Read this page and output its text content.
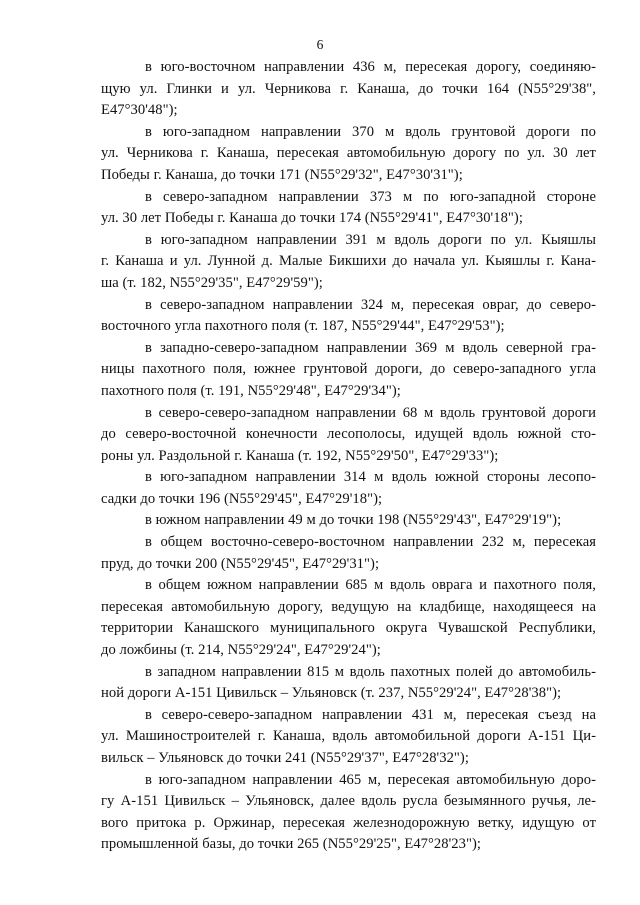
6
в юго-восточном направлении 436 м, пересекая дорогу, соединяю-
щую ул. Глинки и ул. Черникова г. Канаша, до точки 164 (N55°29'38",
E47°30'48");
в юго-западном направлении 370 м вдоль грунтовой дороги по
ул. Черникова г. Канаша, пересекая автомобильную дорогу по ул. 30 лет
Победы г. Канаша, до точки 171 (N55°29'32", E47°30'31");
в северо-западном направлении 373 м по юго-западной стороне
ул. 30 лет Победы г. Канаша до точки 174 (N55°29'41", E47°30'18");
в юго-западном направлении 391 м вдоль дороги по ул. Кыяшлы
г. Канаша и ул. Лунной д. Малые Бикшихи до начала ул. Кыяшлы г. Кана-
ша (т. 182, N55°29'35", E47°29'59");
в северо-западном направлении 324 м, пересекая овраг, до северо-
восточного угла пахотного поля (т. 187, N55°29'44", E47°29'53");
в западно-северо-западном направлении 369 м вдоль северной гра-
ницы пахотного поля, южнее грунтовой дороги, до северо-западного угла
пахотного поля (т. 191, N55°29'48", E47°29'34");
в северо-северо-западном направлении 68 м вдоль грунтовой дороги
до северо-восточной конечности лесополосы, идущей вдоль южной сто-
роны ул. Раздольной г. Канаша (т. 192, N55°29'50", E47°29'33");
в юго-западном направлении 314 м вдоль южной стороны лесопо-
садки до точки 196 (N55°29'45", E47°29'18");
в южном направлении 49 м до точки 198 (N55°29'43", E47°29'19");
в общем восточно-северо-восточном направлении 232 м, пересекая
пруд, до точки 200 (N55°29'45", E47°29'31");
в общем южном направлении 685 м вдоль оврага и пахотного поля,
пересекая автомобильную дорогу, ведущую на кладбище, находящееся на
территории Канашского муниципального округа Чувашской Республики,
до ложбины (т. 214, N55°29'24", E47°29'24");
в западном направлении 815 м вдоль пахотных полей до автомобиль-
ной дороги А-151 Цивильск – Ульяновск (т. 237, N55°29'24", E47°28'38");
в северо-северо-западном направлении 431 м, пересекая съезд на
ул. Машиностроителей г. Канаша, вдоль автомобильной дороги А-151 Ци-
вильск – Ульяновск до точки 241 (N55°29'37", E47°28'32");
в юго-западном направлении 465 м, пересекая автомобильную доро-
гу А-151 Цивильск – Ульяновск, далее вдоль русла безымянного ручья, ле-
вого притока р. Оржинар, пересекая железнодорожную ветку, идущую от
промышленной базы, до точки 265 (N55°29'25", E47°28'23");
